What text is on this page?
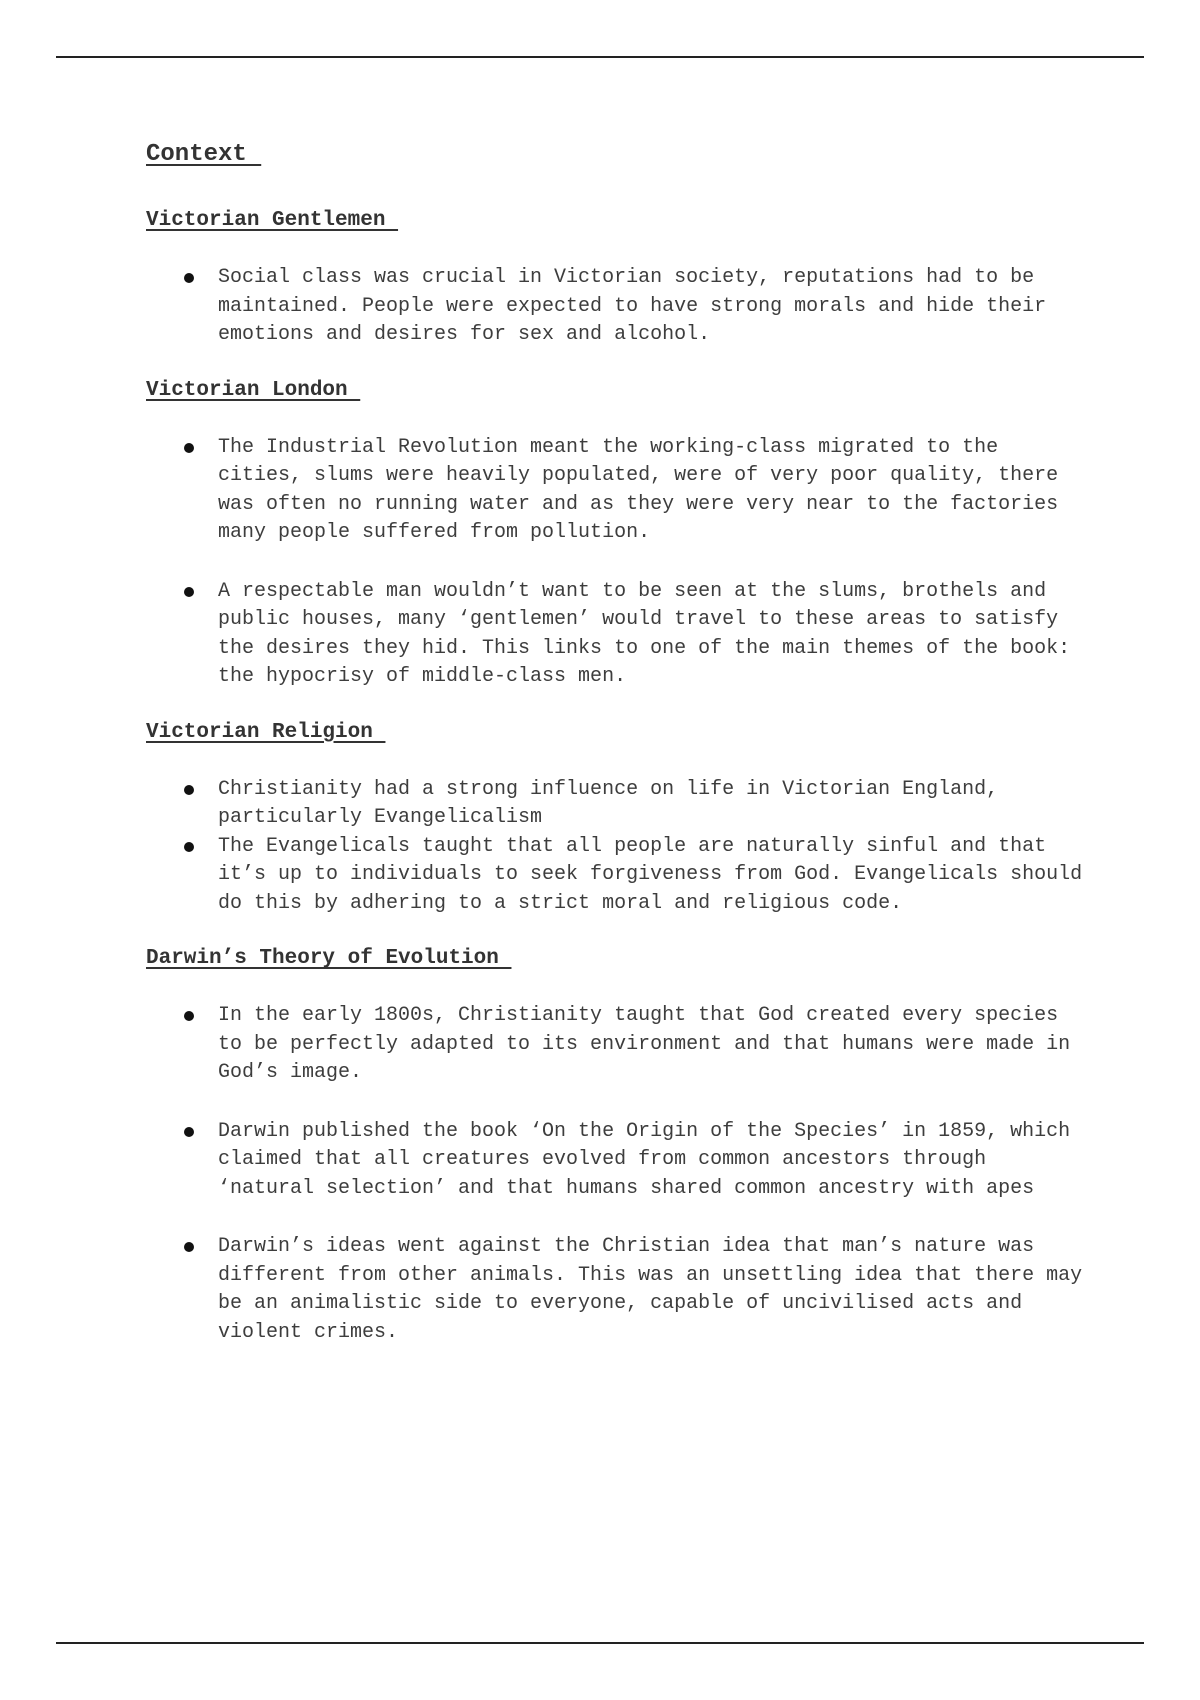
Context
Victorian Gentlemen
Social class was crucial in Victorian society, reputations had to be maintained. People were expected to have strong morals and hide their emotions and desires for sex and alcohol.
Victorian London
The Industrial Revolution meant the working-class migrated to the cities, slums were heavily populated, were of very poor quality, there was often no running water and as they were very near to the factories many people suffered from pollution.
A respectable man wouldn’t want to be seen at the slums, brothels and public houses, many ‘gentlemen’ would travel to these areas to satisfy the desires they hid. This links to one of the main themes of the book: the hypocrisy of middle-class men.
Victorian Religion
Christianity had a strong influence on life in Victorian England, particularly Evangelicalism
The Evangelicals taught that all people are naturally sinful and that it’s up to individuals to seek forgiveness from God. Evangelicals should do this by adhering to a strict moral and religious code.
Darwin’s Theory of Evolution
In the early 1800s, Christianity taught that God created every species to be perfectly adapted to its environment and that humans were made in God’s image.
Darwin published the book ‘On the Origin of the Species’ in 1859, which claimed that all creatures evolved from common ancestors through ‘natural selection’ and that humans shared common ancestry with apes
Darwin’s ideas went against the Christian idea that man’s nature was different from other animals. This was an unsettling idea that there may be an animalistic side to everyone, capable of uncivilised acts and violent crimes.
